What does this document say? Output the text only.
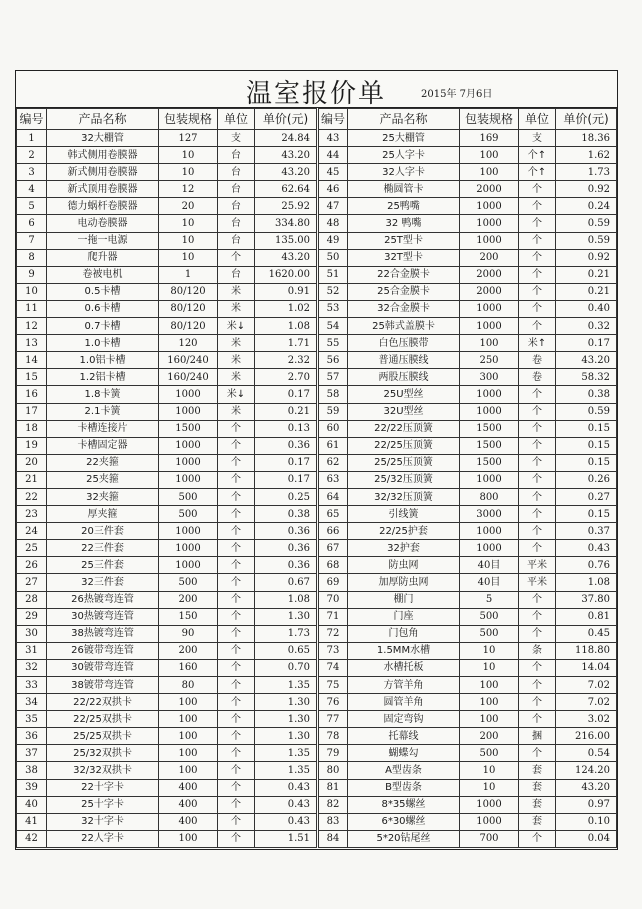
温室报价单	2015年 7月6日
编号	产品名称	包装规格	单位	单价(元)	编号	产品名称	包装规格	单位	单价(元)
1	32大棚管	127	支	24.84	43	25大棚管	169	支	18.36
2	韩式侧用卷膜器	10	台	43.20	44	25人字卡	100	个↑	1.62
3	新式侧用卷膜器	10	台	43.20	45	32人字卡	100	个↑	1.73
4	新式顶用卷膜器	12	台	62.64	46	椭圆管卡	2000	个	0.92
5	德力蜗杆卷膜器	20	台	25.92	47	25鸭嘴	1000	个	0.24
6	电动卷膜器	10	台	334.80	48	32 鸭嘴	1000	个	0.59
7	一拖一电源	10	台	135.00	49	25T型卡	1000	个	0.59
8	爬升器	10	个	43.20	50	32T型卡	200	个	0.92
9	卷被电机	1	台	1620.00	51	22合金膜卡	2000	个	0.21
10	0.5卡槽	80/120	米	0.91	52	25合金膜卡	2000	个	0.21
11	0.6卡槽	80/120	米	1.02	53	32合金膜卡	1000	个	0.40
12	0.7卡槽	80/120	米↓	1.08	54	25韩式盖膜卡	1000	个	0.32
13	1.0卡槽	120	米	1.71	55	白色压膜带	100	米↑	0.17
14	1.0铝卡槽	160/240	米	2.32	56	普通压膜线	250	卷	43.20
15	1.2铝卡槽	160/240	米	2.70	57	两股压膜线	300	卷	58.32
16	1.8卡簧	1000	米↓	0.17	58	25U型丝	1000	个	0.38
17	2.1卡簧	1000	米	0.21	59	32U型丝	1000	个	0.59
18	卡槽连接片	1500	个	0.13	60	22/22压顶簧	1500	个	0.15
19	卡槽固定器	1000	个	0.36	61	22/25压顶簧	1500	个	0.15
20	22夹箍	1000	个	0.17	62	25/25压顶簧	1500	个	0.15
21	25夹箍	1000	个	0.17	63	25/32压顶簧	1000	个	0.26
22	32夹箍	500	个	0.25	64	32/32压顶簧	800	个	0.27
23	厚夹箍	500	个	0.38	65	引线簧	3000	个	0.15
24	20三件套	1000	个	0.36	66	22/25护套	1000	个	0.37
25	22三件套	1000	个	0.36	67	32护套	1000	个	0.43
26	25三件套	1000	个	0.36	68	防虫网	40目	平米	0.76
27	32三件套	500	个	0.67	69	加厚防虫网	40目	平米	1.08
28	26热镀弯连管	200	个	1.08	70	棚门	5	个	37.80
29	30热镀弯连管	150	个	1.30	71	门座	500	个	0.81
30	38热镀弯连管	90	个	1.73	72	门包角	500	个	0.45
31	26镀带弯连管	200	个	0.65	73	1.5MM水槽	10	条	118.80
32	30镀带弯连管	160	个	0.70	74	水槽托板	10	个	14.04
33	38镀带弯连管	80	个	1.35	75	方管羊角	100	个	7.02
34	22/22双拱卡	100	个	1.30	76	圆管羊角	100	个	7.02
35	22/25双拱卡	100	个	1.30	77	固定弯钩	100	个	3.02
36	25/25双拱卡	100	个	1.30	78	托幕线	200	捆	216.00
37	25/32双拱卡	100	个	1.35	79	蝴蝶勾	500	个	0.54
38	32/32双拱卡	100	个	1.35	80	A型齿条	10	套	124.20
39	22十字卡	400	个	0.43	81	B型齿条	10	套	43.20
40	25十字卡	400	个	0.43	82	8*35螺丝	1000	套	0.97
41	32十字卡	400	个	0.43	83	6*30螺丝	1000	套	0.10
42	22人字卡	100	个	1.51	84	5*20钻尾丝	700	个	0.04
